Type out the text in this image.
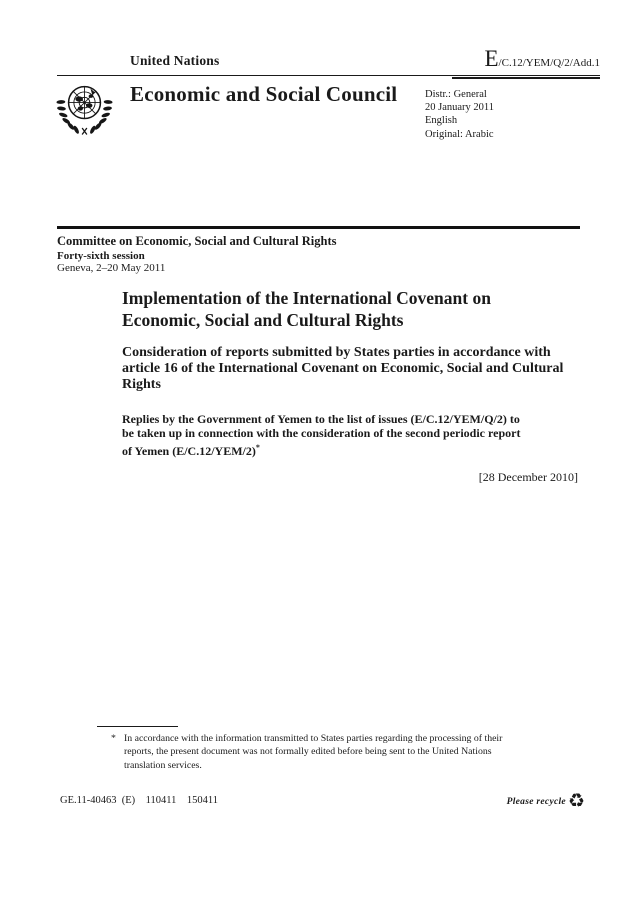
United Nations	E/C.12/YEM/Q/2/Add.1
Economic and Social Council	Distr.: General
20 January 2011
English
Original: Arabic
Committee on Economic, Social and Cultural Rights
Forty-sixth session
Geneva, 2–20 May 2011
Implementation of the International Covenant on Economic, Social and Cultural Rights
Consideration of reports submitted by States parties in accordance with article 16 of the International Covenant on Economic, Social and Cultural Rights
Replies by the Government of Yemen to the list of issues (E/C.12/YEM/Q/2) to be taken up in connection with the consideration of the second periodic report of Yemen (E/C.12/YEM/2)*
[28 December 2010]
* In accordance with the information transmitted to States parties regarding the processing of their reports, the present document was not formally edited before being sent to the United Nations translation services.
GE.11-40463  (E)    110411    150411	Please recycle ♻
